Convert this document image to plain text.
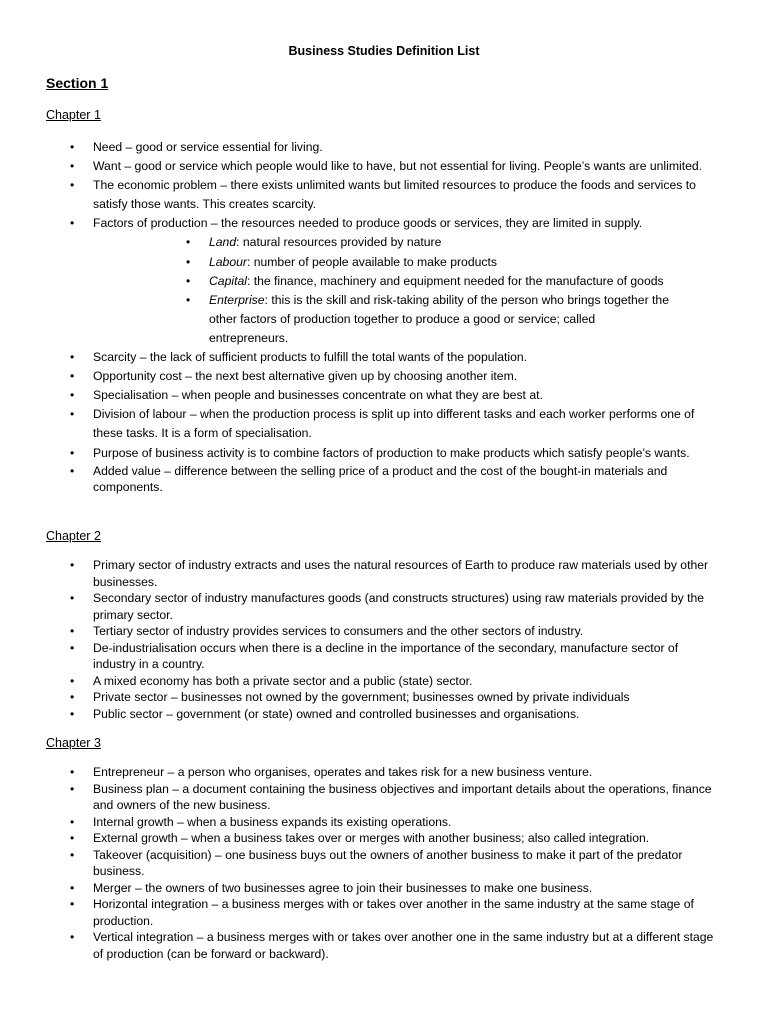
Business Studies Definition List
Section 1
Chapter 1
• Need – good or service essential for living.
• Want – good or service which people would like to have, but not essential for living. People’s wants are unlimited.
• The economic problem – there exists unlimited wants but limited resources to produce the foods and services to satisfy those wants. This creates scarcity.
• Factors of production – the resources needed to produce goods or services, they are limited in supply.
• Land: natural resources provided by nature
• Labour: number of people available to make products
• Capital: the finance, machinery and equipment needed for the manufacture of goods
• Enterprise: this is the skill and risk-taking ability of the person who brings together the other factors of production together to produce a good or service; called entrepreneurs.
• Scarcity – the lack of sufficient products to fulfill the total wants of the population.
• Opportunity cost – the next best alternative given up by choosing another item.
• Specialisation – when people and businesses concentrate on what they are best at.
• Division of labour – when the production process is split up into different tasks and each worker performs one of these tasks. It is a form of specialisation.
• Purpose of business activity is to combine factors of production to make products which satisfy people’s wants.
• Added value – difference between the selling price of a product and the cost of the bought-in materials and components.
Chapter 2
• Primary sector of industry extracts and uses the natural resources of Earth to produce raw materials used by other businesses.
• Secondary sector of industry manufactures goods (and constructs structures) using raw materials provided by the primary sector.
• Tertiary sector of industry provides services to consumers and the other sectors of industry.
• De-industrialisation occurs when there is a decline in the importance of the secondary, manufacture sector of industry in a country.
• A mixed economy has both a private sector and a public (state) sector.
• Private sector – businesses not owned by the government; businesses owned by private individuals
• Public sector – government (or state) owned and controlled businesses and organisations.
Chapter 3
• Entrepreneur – a person who organises, operates and takes risk for a new business venture.
• Business plan – a document containing the business objectives and important details about the operations, finance and owners of the new business.
• Internal growth – when a business expands its existing operations.
• External growth – when a business takes over or merges with another business; also called integration.
• Takeover (acquisition) – one business buys out the owners of another business to make it part of the predator business.
• Merger – the owners of two businesses agree to join their businesses to make one business.
• Horizontal integration – a business merges with or takes over another in the same industry at the same stage of production.
• Vertical integration – a business merges with or takes over another one in the same industry but at a different stage of production (can be forward or backward).
